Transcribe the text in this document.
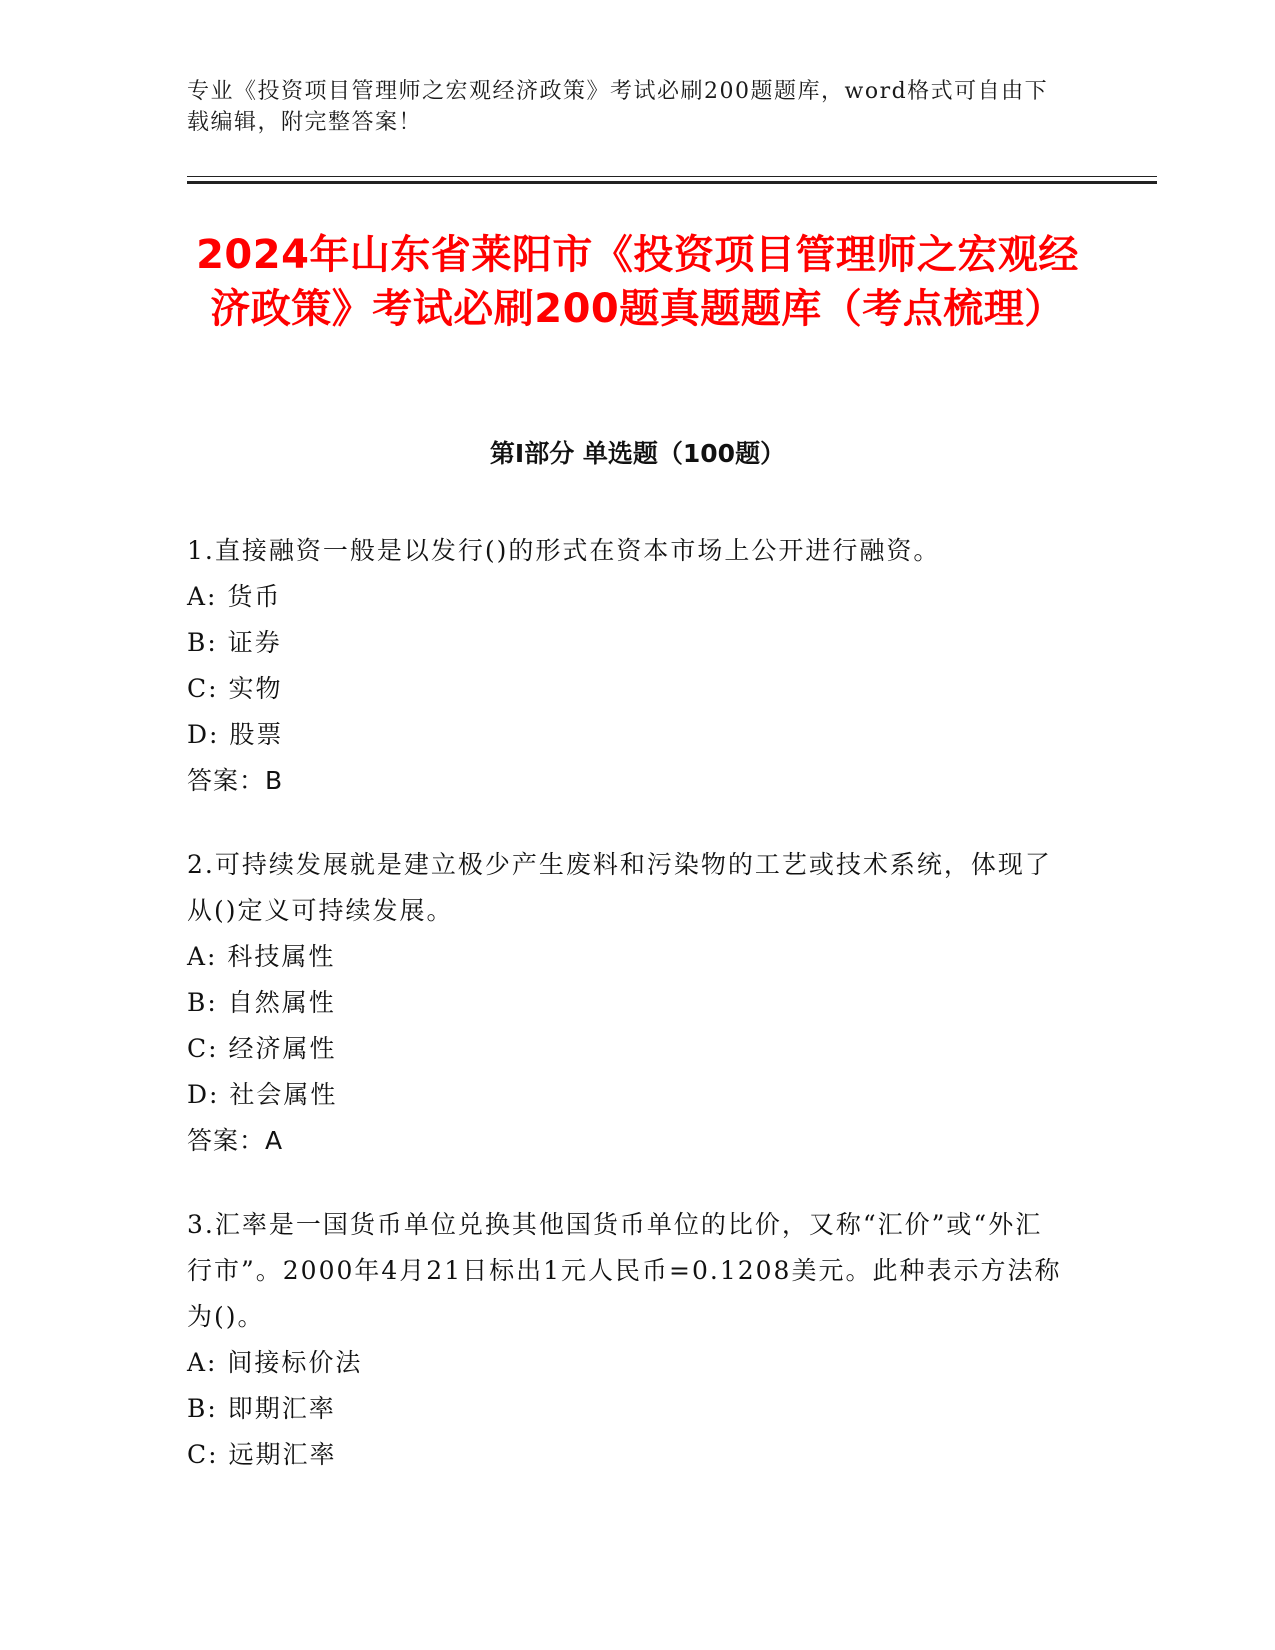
专业《投资项目管理师之宏观经济政策》考试必刷200题题库，word格式可自由下载编辑，附完整答案！
2024年山东省莱阳市《投资项目管理师之宏观经济政策》考试必刷200题真题题库（考点梳理）
第Ⅰ部分 单选题（100题）
1.直接融资一般是以发行()的形式在资本市场上公开进行融资。
A: 货币
B: 证券
C: 实物
D: 股票
答案：B
2.可持续发展就是建立极少产生废料和污染物的工艺或技术系统，体现了从()定义可持续发展。
A: 科技属性
B: 自然属性
C: 经济属性
D: 社会属性
答案：A
3.汇率是一国货币单位兑换其他国货币单位的比价，又称“汇价”或“外汇行市”。2000年4月21日标出1元人民币=0.1208美元。此种表示方法称为()。
A: 间接标价法
B: 即期汇率
C: 远期汇率
